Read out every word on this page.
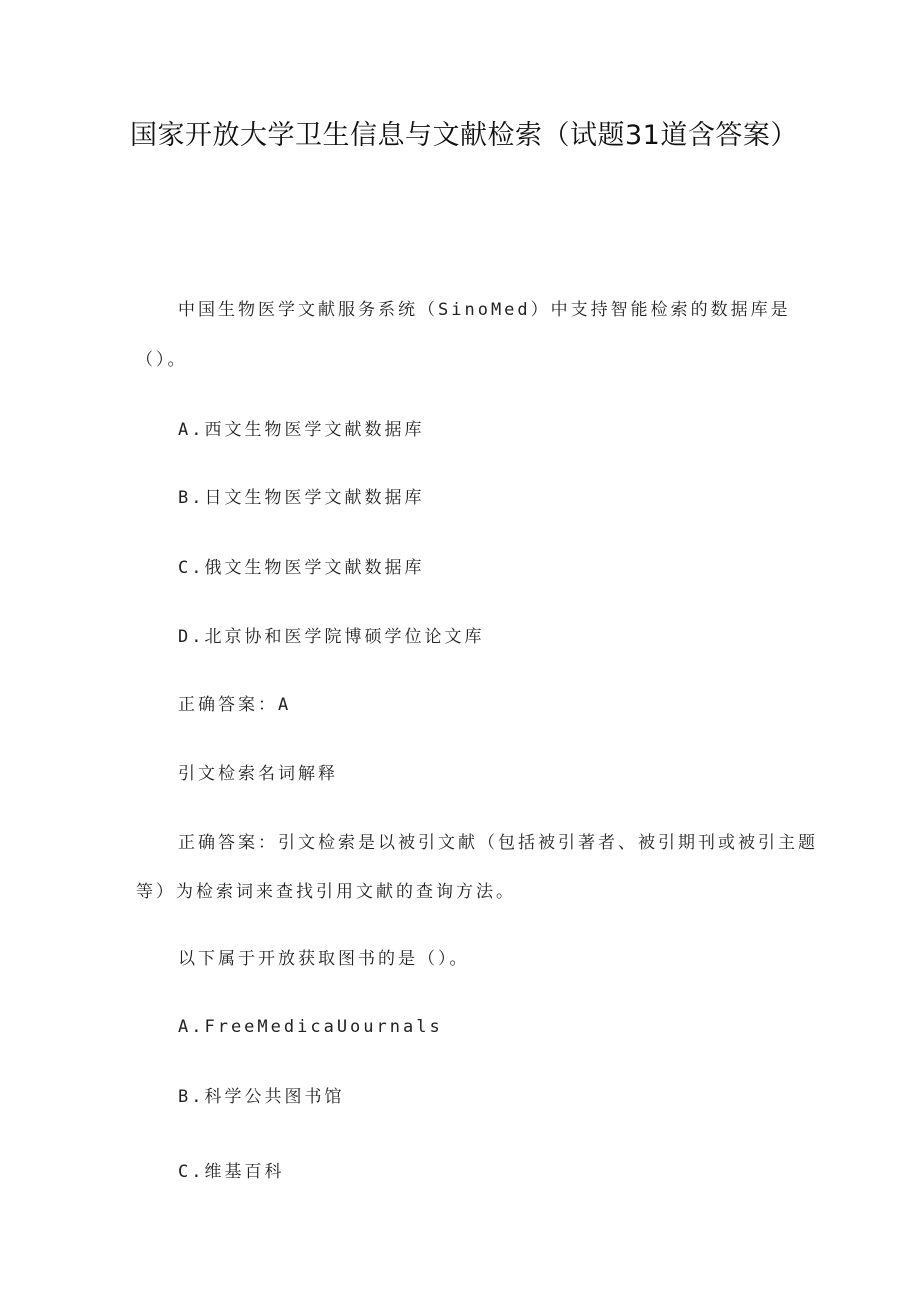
国家开放大学卫生信息与文献检索（试题31道含答案）
中国生物医学文献服务系统（SinoMed）中支持智能检索的数据库是
（）。
A.西文生物医学文献数据库
B.日文生物医学文献数据库
C.俄文生物医学文献数据库
D.北京协和医学院博硕学位论文库
正确答案：A
引文检索名词解释
正确答案：引文检索是以被引文献（包括被引著者、被引期刊或被引主题
等）为检索词来查找引用文献的查询方法。
以下属于开放获取图书的是（）。
A.FreeMedicaUournals
B.科学公共图书馆
C.维基百科
